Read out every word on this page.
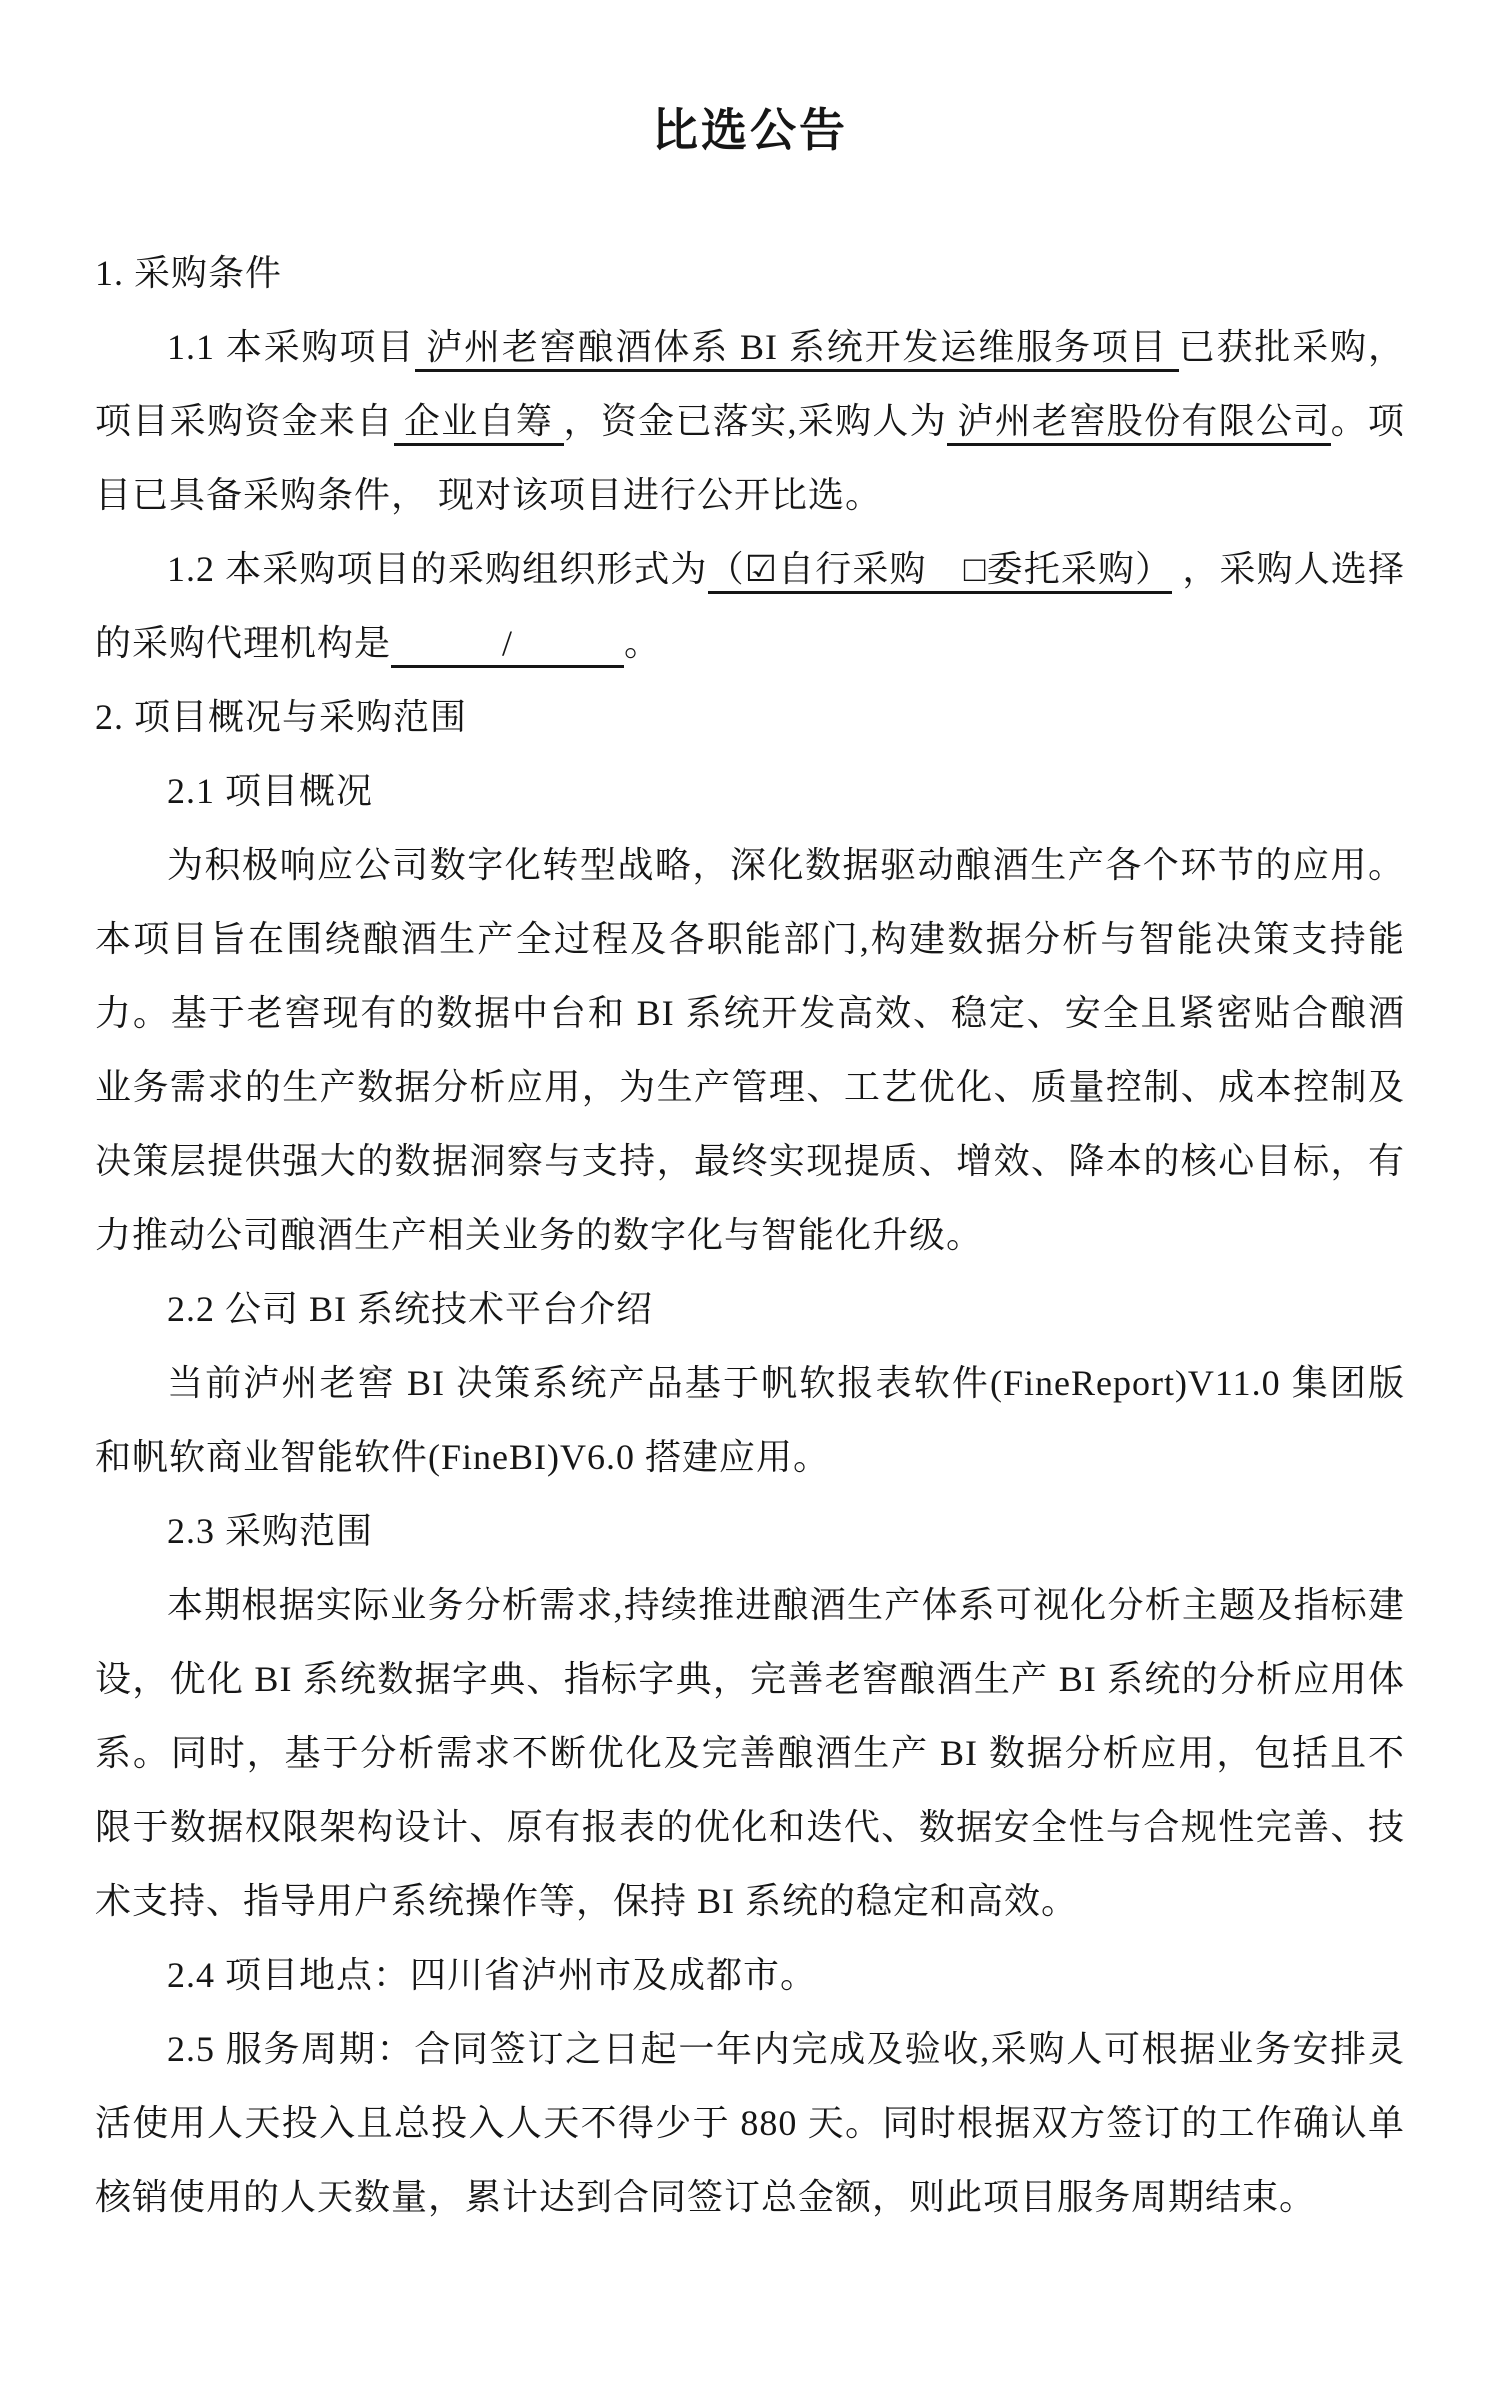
比选公告
1. 采购条件
1.1 本采购项目 泸州老窖酿酒体系 BI 系统开发运维服务项目 已获批采购，项目采购资金来自 企业自筹 ，资金已落实,采购人为 泸州老窖股份有限公司。项目已具备采购条件， 现对该项目进行公开比选。
1.2 本采购项目的采购组织形式为（☑自行采购　□委托采购） ，采购人选择的采购代理机构是　　　/　　　。
2. 项目概况与采购范围
2.1 项目概况
为积极响应公司数字化转型战略，深化数据驱动酿酒生产各个环节的应用。本项目旨在围绕酿酒生产全过程及各职能部门,构建数据分析与智能决策支持能力。基于老窖现有的数据中台和 BI 系统开发高效、稳定、安全且紧密贴合酿酒业务需求的生产数据分析应用，为生产管理、工艺优化、质量控制、成本控制及决策层提供强大的数据洞察与支持，最终实现提质、增效、降本的核心目标，有力推动公司酿酒生产相关业务的数字化与智能化升级。
2.2 公司 BI 系统技术平台介绍
当前泸州老窖 BI 决策系统产品基于帆软报表软件(FineReport)V11.0 集团版和帆软商业智能软件(FineBI)V6.0 搭建应用。
2.3 采购范围
本期根据实际业务分析需求,持续推进酿酒生产体系可视化分析主题及指标建设，优化 BI 系统数据字典、指标字典，完善老窖酿酒生产 BI 系统的分析应用体系。同时，基于分析需求不断优化及完善酿酒生产 BI 数据分析应用，包括且不限于数据权限架构设计、原有报表的优化和迭代、数据安全性与合规性完善、技术支持、指导用户系统操作等，保持 BI 系统的稳定和高效。
2.4 项目地点：四川省泸州市及成都市。
2.5 服务周期：合同签订之日起一年内完成及验收,采购人可根据业务安排灵活使用人天投入且总投入人天不得少于 880 天。同时根据双方签订的工作确认单核销使用的人天数量，累计达到合同签订总金额，则此项目服务周期结束。
